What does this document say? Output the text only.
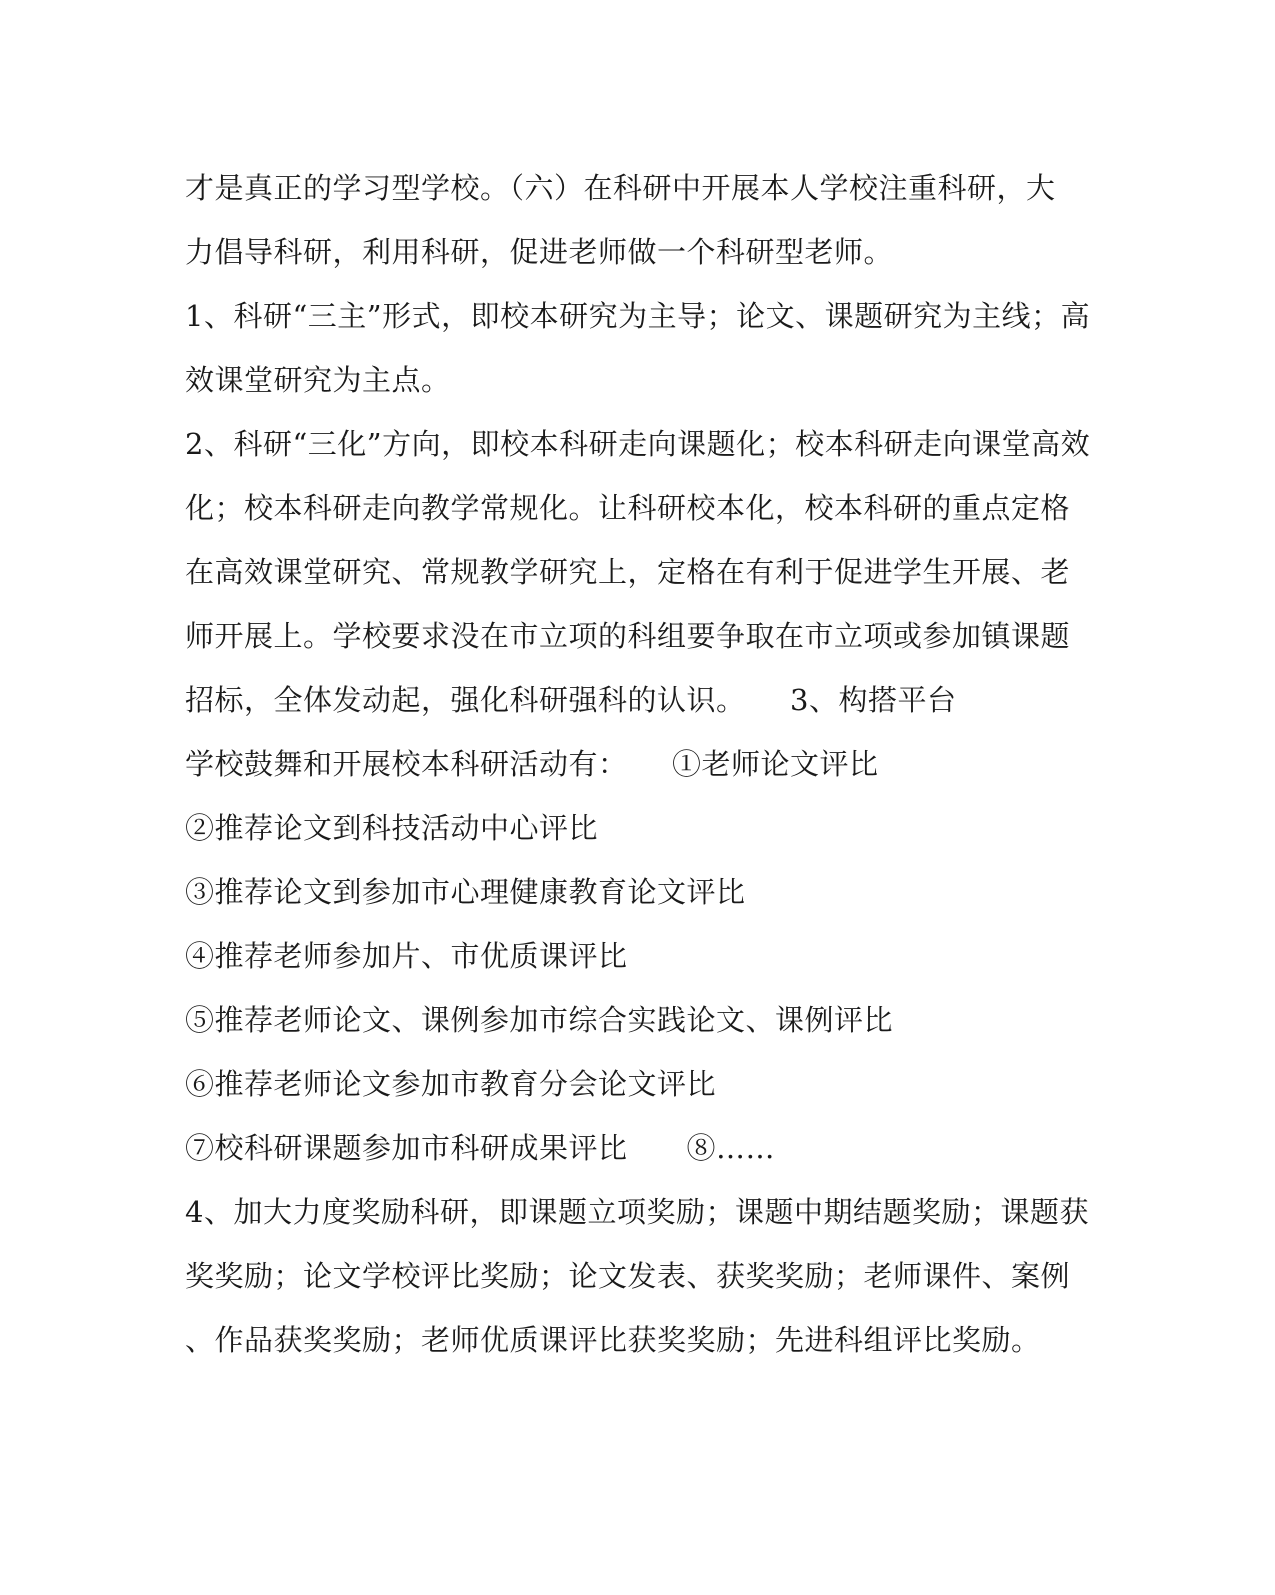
才是真正的学习型学校。（六）在科研中开展本人学校注重科研，大
力倡导科研，利用科研，促进老师做一个科研型老师。
1、科研“三主”形式，即校本研究为主导；论文、课题研究为主线；高
效课堂研究为主点。
2、科研“三化”方向，即校本科研走向课题化；校本科研走向课堂高效
化；校本科研走向教学常规化。让科研校本化，校本科研的重点定格
在高效课堂研究、常规教学研究上，定格在有利于促进学生开展、老
师开展上。学校要求没在市立项的科组要争取在市立项或参加镇课题
招标，全体发动起，强化科研强科的认识。　　3、构搭平台
学校鼓舞和开展校本科研活动有：　　①老师论文评比
②推荐论文到科技活动中心评比
③推荐论文到参加市心理健康教育论文评比
④推荐老师参加片、市优质课评比
⑤推荐老师论文、课例参加市综合实践论文、课例评比
⑥推荐老师论文参加市教育分会论文评比
⑦校科研课题参加市科研成果评比　　⑧……
4、加大力度奖励科研，即课题立项奖励；课题中期结题奖励；课题获
奖奖励；论文学校评比奖励；论文发表、获奖奖励；老师课件、案例
、作品获奖奖励；老师优质课评比获奖奖励；先进科组评比奖励。
